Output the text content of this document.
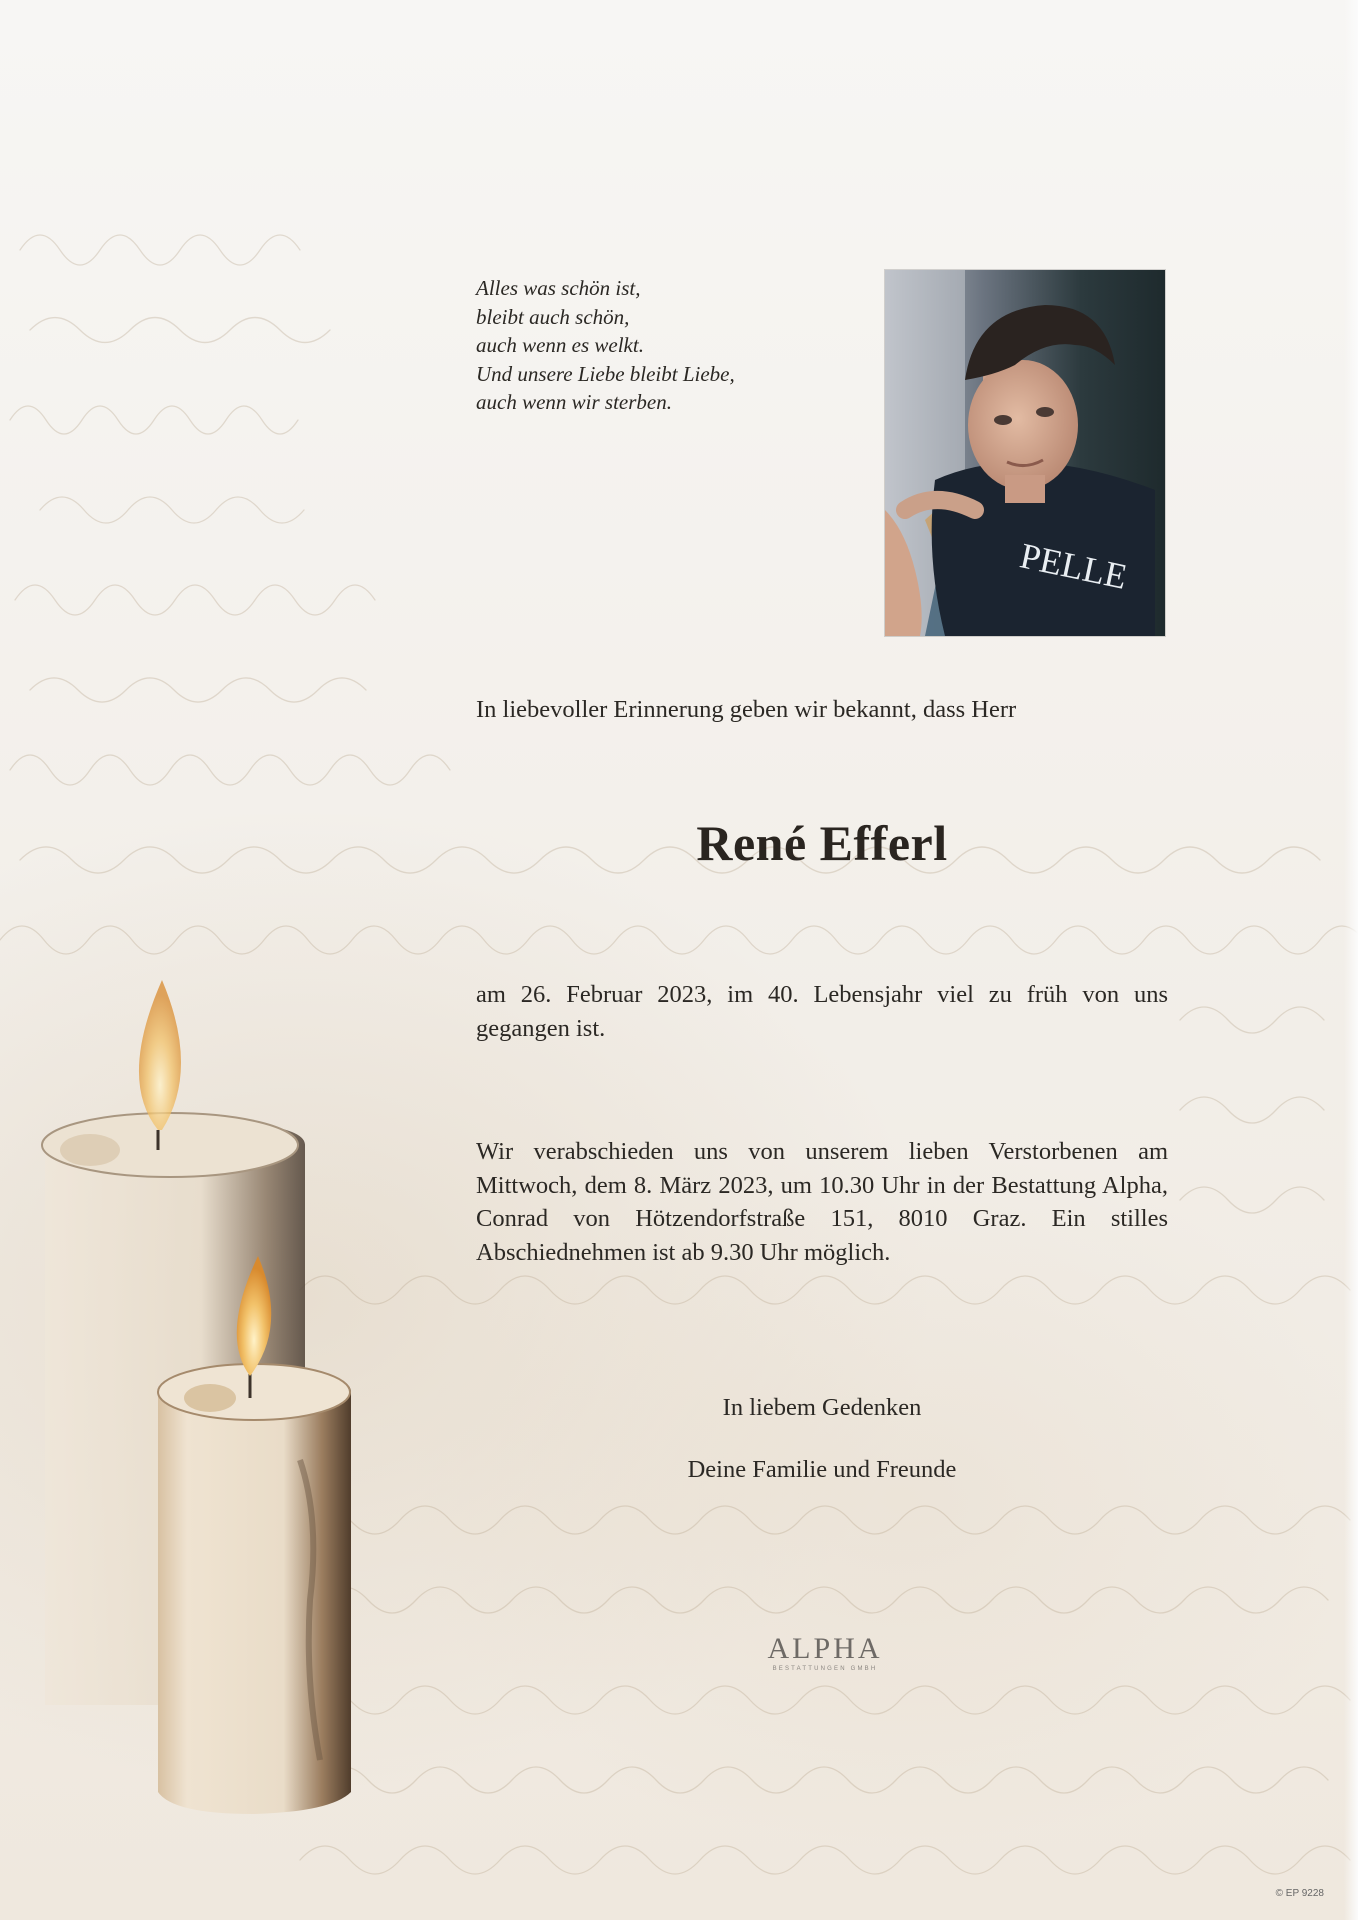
Alles was schön ist,
bleibt auch schön,
auch wenn es welkt.
Und unsere Liebe bleibt Liebe,
auch wenn wir sterben.
PELLE
In liebevoller Erinnerung geben wir bekannt, dass Herr
René Efferl
am 26. Februar 2023, im 40. Lebensjahr viel zu früh von uns gegangen ist.
Wir verabschieden uns von unserem lieben Verstorbenen am Mittwoch, dem 8. März 2023, um 10.30 Uhr in der Bestattung Alpha, Conrad von Hötzendorfstraße 151, 8010 Graz. Ein stilles Abschiednehmen ist ab 9.30 Uhr möglich.
In liebem Gedenken
Deine Familie und Freunde
ALPHA
BESTATTUNGEN GMBH
© EP 9228
